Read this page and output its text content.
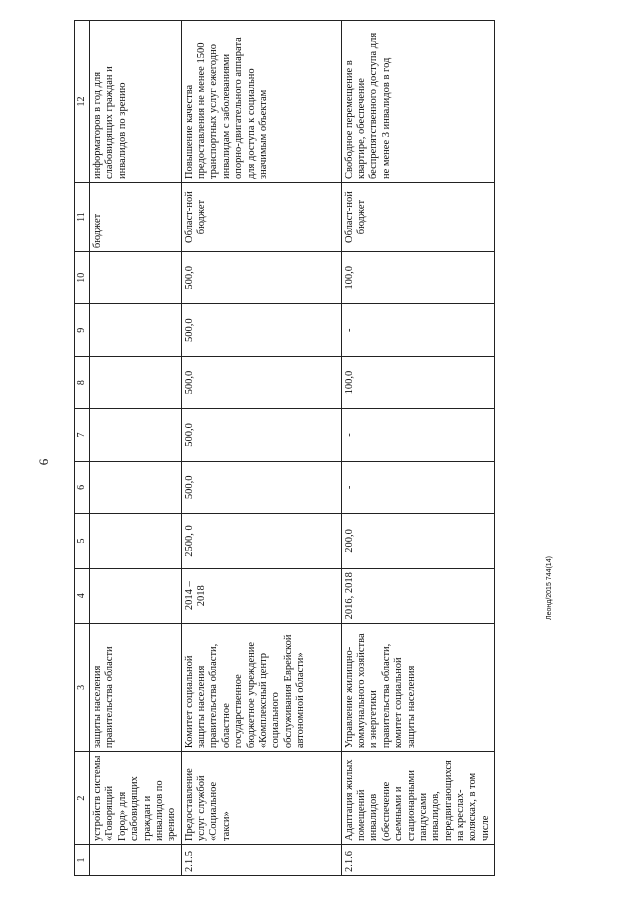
6
Леонд/2015 744(14)
1	2	3	4	5	6	7	8	9	10	11	12
	устройств системы «Говорящий Город» для слабовидящих граждан и инвалидов по зрению	защиты населения правительства области								бюджет	информаторов в год для слабовидящих граждан и инвалидов по зрению
2.1.5	Предоставление услуг службой «Социальное такси»	Комитет социальной защиты населения правительства области, областное государственное бюджетное учреждение «Комплексный центр социального обслуживания Еврейской автономной области»	2014 – 2018	2500, 0	500,0	500,0	500,0	500,0	500,0	Област-ной бюджет	Повышение качества предоставления не менее 1500 транспортных услуг ежегодно инвалидам с заболеваниями опорно-двигательного аппарата для доступа к социально значимым объектам
2.1.6	Адаптация жилых помещений инвалидов (обеспечение съемными и стационарными пандусами инвалидов, передвигающихся на креслах-колясках, в том числе	Управление жилищно-коммунального хозяйства и энергетики правительства области, комитет социальной защиты населения	2016, 2018	200,0	-	-	100,0	-	100,0	Област-ной бюджет	Свободное перемещение в квартире, обеспечение беспрепятственного доступа для не менее 3 инвалидов в год
